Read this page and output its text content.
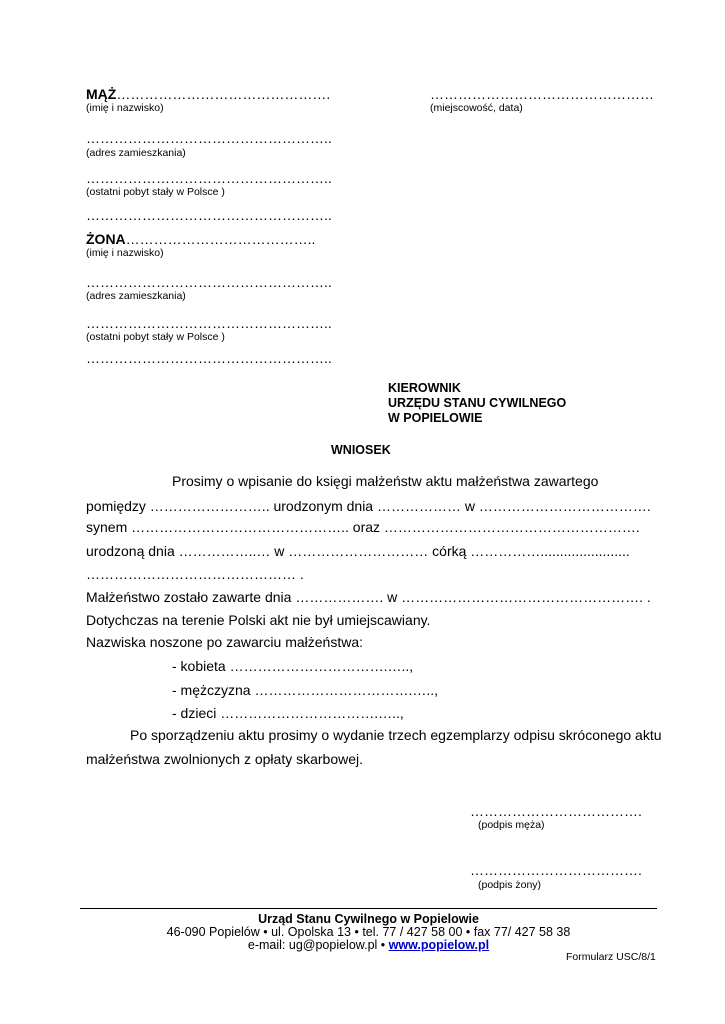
MĄŻ……………………………………….
(imię i nazwisko)
……………………………………………..
(adres zamieszkania)
……………………………………………..
(ostatni pobyt stały w Polsce )
……………………………………………..
…………………………………………
(miejscowość, data)
ŻONA…………………………………..
(imię i nazwisko)
……………………………………………..
(adres zamieszkania)
……………………………………………..
(ostatni pobyt stały w Polsce )
……………………………………………..
KIEROWNIK
URZĘDU STANU CYWILNEGO
W POPIELOWIE
WNIOSEK
Prosimy o wpisanie do księgi małżeństw aktu małżeństwa zawartego
pomiędzy …………………….. urodzonym dnia ……………… w ……………………………….
synem ……………………………………….. oraz ……………………………………………….
urodzoną dnia ……………..… w ………………………… córką …………….......................
……………………………………… .
Małżeństwo zostało zawarte dnia ………………. w ……………………………………………. .
Dotychczas na terenie Polski akt nie był umiejscawiany.
Nazwiska noszone po zawarciu małżeństwa:
- kobieta …………………………….…..,
- mężczyzna …………………………….…..,
- dzieci …………………………….…..,
Po sporządzeniu aktu prosimy o wydanie trzech egzemplarzy odpisu skróconego aktu
małżeństwa zwolnionych z opłaty skarbowej.
……………………………….
(podpis męża)
……………………………….
(podpis żony)
Urząd Stanu Cywilnego w Popielowie
46-090 Popielów • ul. Opolska 13 • tel. 77 / 427 58 00 • fax 77/ 427 58 38
e-mail: ug@popielow.pl • www.popielow.pl
Formularz USC/8/1
